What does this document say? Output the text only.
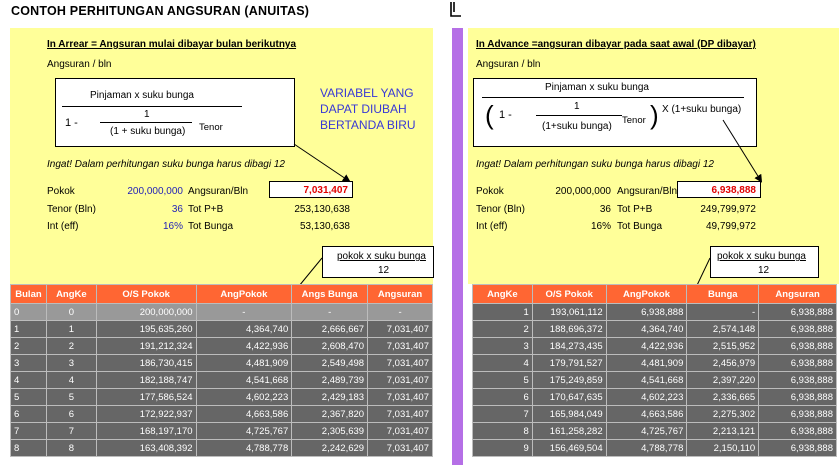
CONTOH PERHITUNGAN ANGSURAN (ANUITAS)
In Arrear = Angsuran mulai dibayar bulan berikutnya
Angsuran / bln
Pinjaman x suku bunga
1 -
1
(1 + suku bunga) Tenor
VARIABEL YANG
DAPAT DIUBAH
BERTANDA BIRU
Ingat! Dalam perhitungan suku bunga harus dibagi 12
Pokok	200,000,000
Tenor (Bln)	36
Int (eff)	16%
Angsuran/Bln	7,031,407
Tot P+B	253,130,638
Tot Bunga	53,130,638
pokok x suku bunga
12
Bulan	AngKe	O/S Pokok	AngPokok	Angs Bunga	Angsuran
0	0	200,000,000	-	-	-
1	1	195,635,260	4,364,740	2,666,667	7,031,407
2	2	191,212,324	4,422,936	2,608,470	7,031,407
3	3	186,730,415	4,481,909	2,549,498	7,031,407
4	4	182,188,747	4,541,668	2,489,739	7,031,407
5	5	177,586,524	4,602,223	2,429,183	7,031,407
6	6	172,922,937	4,663,586	2,367,820	7,031,407
7	7	168,197,170	4,725,767	2,305,639	7,031,407
8	8	163,408,392	4,788,778	2,242,629	7,031,407
In Advance =angsuran dibayar pada saat awal (DP dibayar)
Angsuran / bln
Pinjaman x suku bunga
( 1 -
1
(1+suku bunga)
Tenor ) X (1+suku bunga)
Ingat! Dalam perhitungan suku bunga harus dibagi 12
Pokok	200,000,000
Tenor (Bln)	36
Int (eff)	16%
Angsuran/Bln	6,938,888
Tot P+B	249,799,972
Tot Bunga	49,799,972
pokok x suku bunga
12
AngKe	O/S Pokok	AngPokok	Bunga	Angsuran
1	193,061,112	6,938,888	-	6,938,888
2	188,696,372	4,364,740	2,574,148	6,938,888
3	184,273,435	4,422,936	2,515,952	6,938,888
4	179,791,527	4,481,909	2,456,979	6,938,888
5	175,249,859	4,541,668	2,397,220	6,938,888
6	170,647,635	4,602,223	2,336,665	6,938,888
7	165,984,049	4,663,586	2,275,302	6,938,888
8	161,258,282	4,725,767	2,213,121	6,938,888
9	156,469,504	4,788,778	2,150,110	6,938,888
